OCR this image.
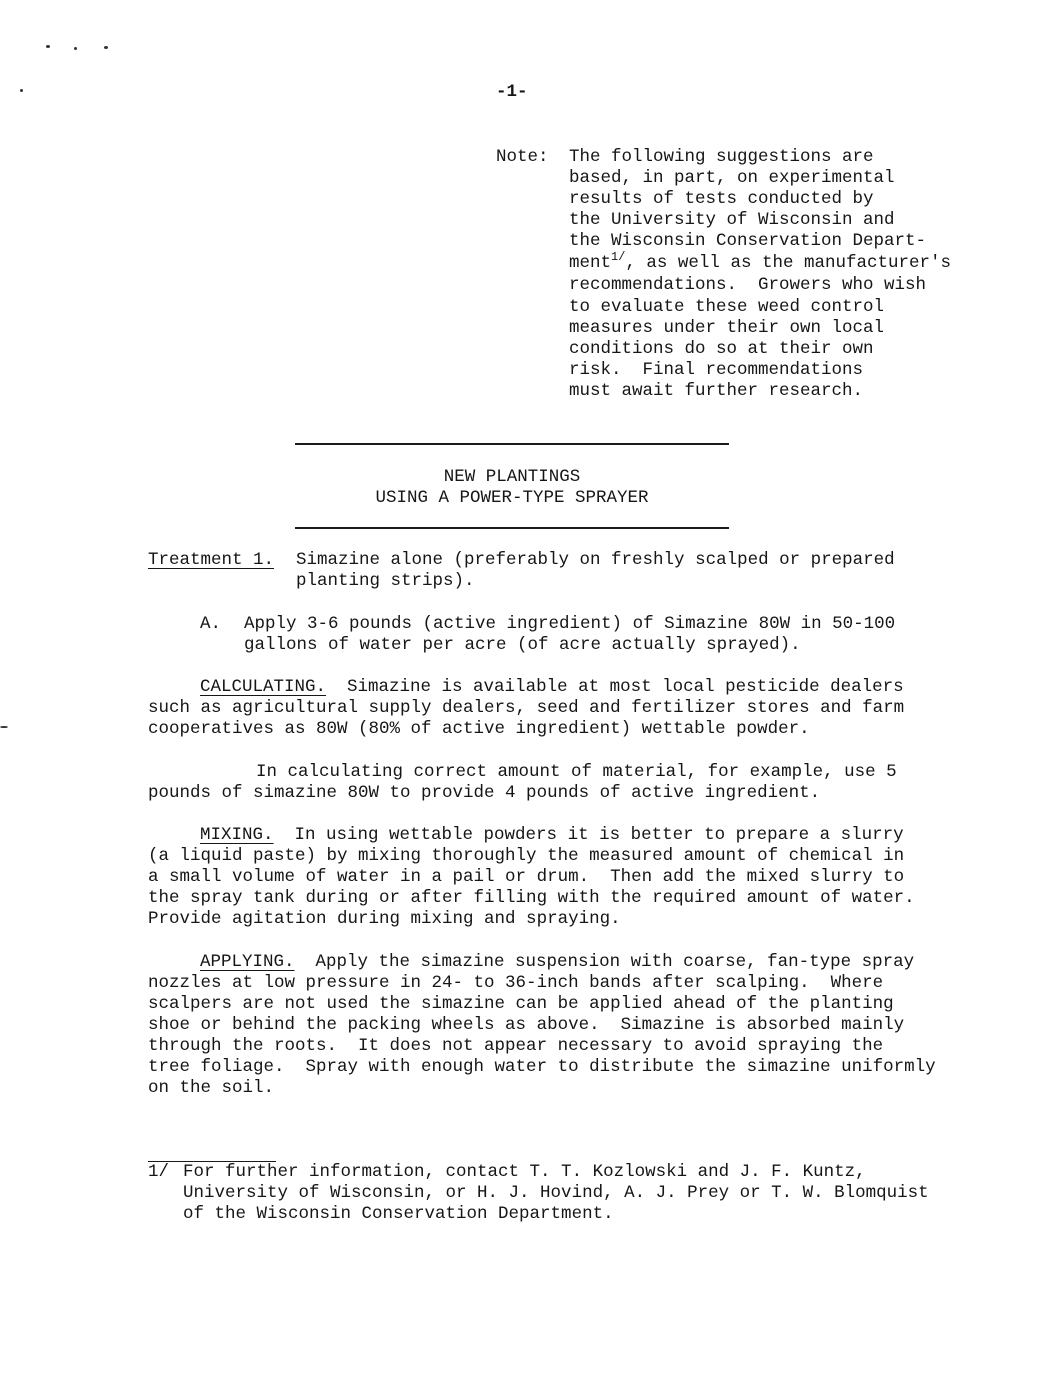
-1-
Note: The following suggestions are
based, in part, on experimental
results of tests conducted by
the University of Wisconsin and
the Wisconsin Conservation Depart-
ment$^{1/}$, as well as the manufacturer's
recommendations.  Growers who wish
to evaluate these weed control
measures under their own local
conditions do so at their own
risk.  Final recommendations
must await further research.
NEW PLANTINGS
USING A POWER-TYPE SPRAYER
Treatment 1. Simazine alone (preferably on freshly scalped or prepared
planting strips).
A. Apply 3-6 pounds (active ingredient) of Simazine 80W in 50-100
gallons of water per acre (of acre actually sprayed).
CALCULATING.  Simazine is available at most local pesticide dealers
such as agricultural supply dealers, seed and fertilizer stores and farm
cooperatives as 80W (80% of active ingredient) wettable powder.
In calculating correct amount of material, for example, use 5
pounds of simazine 80W to provide 4 pounds of active ingredient.
MIXING.  In using wettable powders it is better to prepare a slurry
(a liquid paste) by mixing thoroughly the measured amount of chemical in
a small volume of water in a pail or drum.  Then add the mixed slurry to
the spray tank during or after filling with the required amount of water.
Provide agitation during mixing and spraying.
APPLYING.  Apply the simazine suspension with coarse, fan-type spray
nozzles at low pressure in 24- to 36-inch bands after scalping.  Where
scalpers are not used the simazine can be applied ahead of the planting
shoe or behind the packing wheels as above.  Simazine is absorbed mainly
through the roots.  It does not appear necessary to avoid spraying the
tree foliage.  Spray with enough water to distribute the simazine uniformly
on the soil.
1/ For further information, contact T. T. Kozlowski and J. F. Kuntz,
University of Wisconsin, or H. J. Hovind, A. J. Prey or T. W. Blomquist
of the Wisconsin Conservation Department.
